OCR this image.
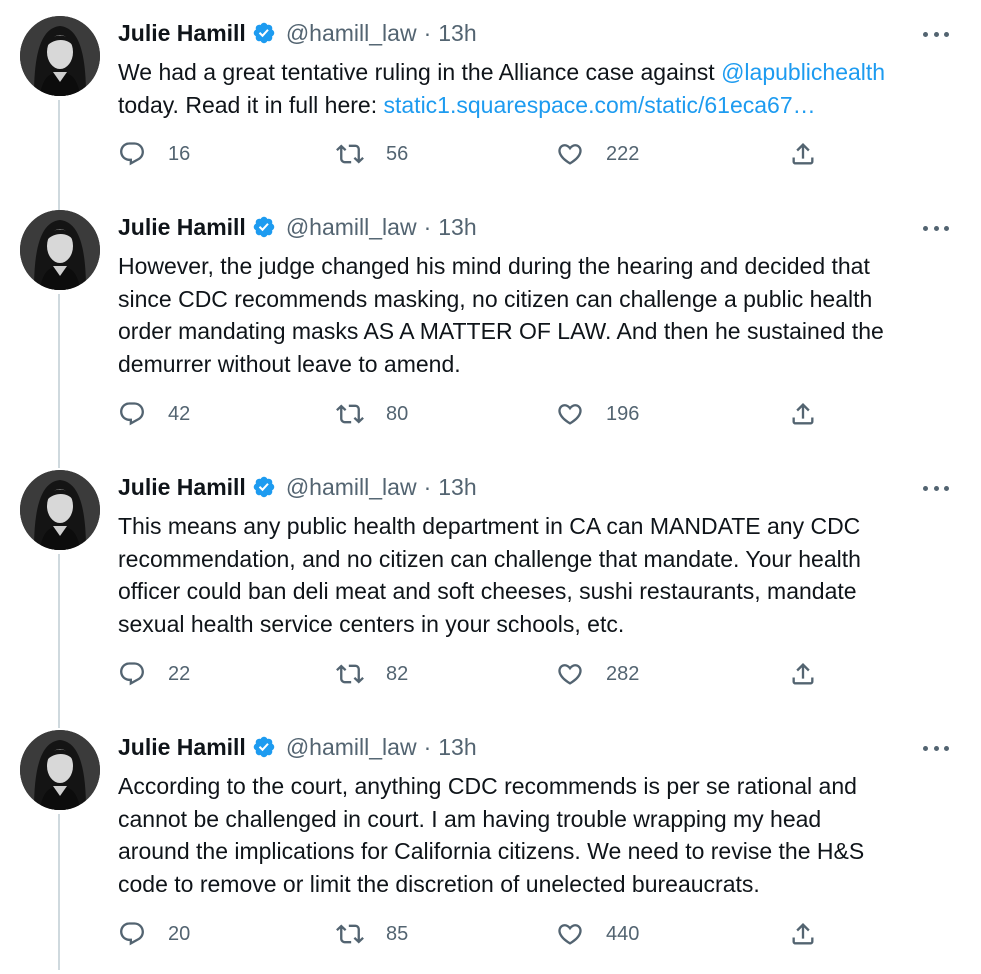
Julie Hamill @hamill_law · 13h
We had a great tentative ruling in the Alliance case against @lapublichealth
today. Read it in full here: static1.squarespace.com/static/61eca67…
16	56	222
Julie Hamill @hamill_law · 13h
However, the judge changed his mind during the hearing and decided that
since CDC recommends masking, no citizen can challenge a public health
order mandating masks AS A MATTER OF LAW. And then he sustained the
demurrer without leave to amend.
42	80	196
Julie Hamill @hamill_law · 13h
This means any public health department in CA can MANDATE any CDC
recommendation, and no citizen can challenge that mandate. Your health
officer could ban deli meat and soft cheeses, sushi restaurants, mandate
sexual health service centers in your schools, etc.
22	82	282
Julie Hamill @hamill_law · 13h
According to the court, anything CDC recommends is per se rational and
cannot be challenged in court. I am having trouble wrapping my head
around the implications for California citizens. We need to revise the H&S
code to remove or limit the discretion of unelected bureaucrats.
20	85	440
